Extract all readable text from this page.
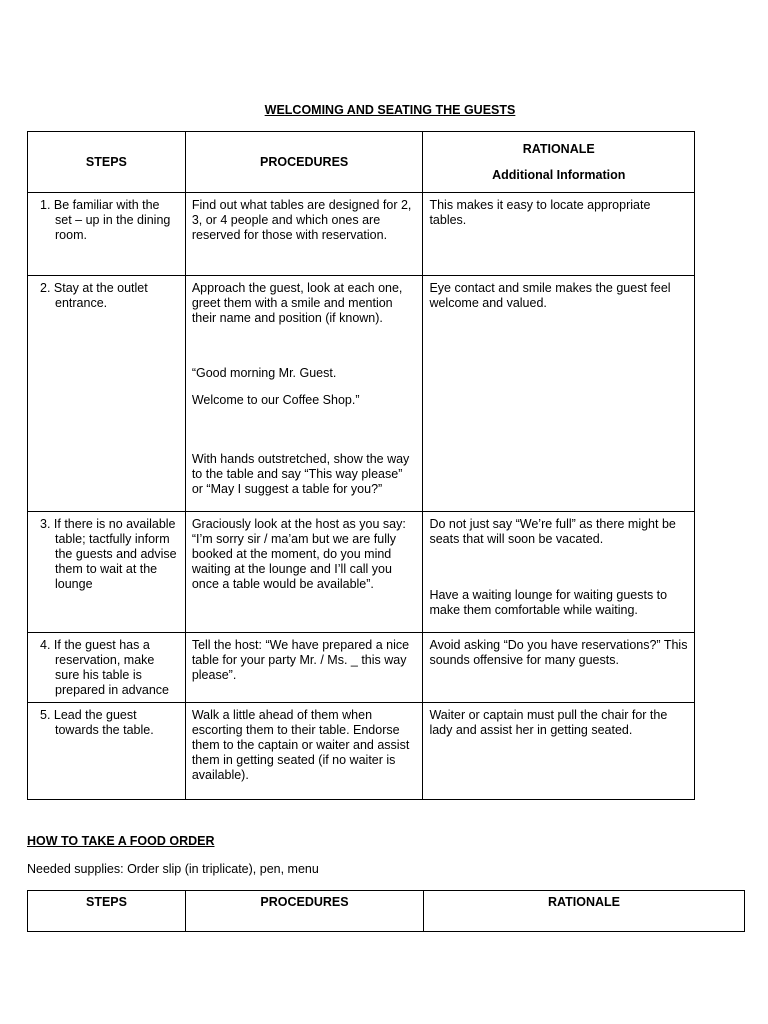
WELCOMING AND SEATING THE GUESTS
STEPS	PROCEDURES	RATIONALE
Additional Information

1. Be familiar with the set – up in the dining room.	Find out what tables are designed for 2, 3, or 4 people and which ones are reserved for those with reservation.	This makes it easy to locate appropriate tables.

2. Stay at the outlet entrance.	Approach the guest, look at each one, greet them with a smile and mention their name and position (if known).

“Good morning Mr. Guest.

Welcome to our Coffee Shop.”

With hands outstretched, show the way to the table and say “This way please” or “May I suggest a table for you?”	Eye contact and smile makes the guest feel welcome and valued.

3. If there is no available table; tactfully inform the guests and advise them to wait at the lounge	Graciously look at the host as you say: “I’m sorry sir / ma’am but we are fully booked at the moment, do you mind waiting at the lounge and I’ll call you once a table would be available”.	Do not just say “We’re full” as there might be seats that will soon be vacated.

Have a waiting lounge for waiting guests to make them comfortable while waiting.

4. If the guest has a reservation, make sure his table is prepared in advance	Tell the host: “We have prepared a nice table for your party Mr. / Ms. _ this way please”.	Avoid asking “Do you have reservations?” This sounds offensive for many guests.

5. Lead the guest towards the table.	Walk a little ahead of them when escorting them to their table. Endorse them to the captain or waiter and assist them in getting seated (if no waiter is available).	Waiter or captain must pull the chair for the lady and assist her in getting seated.

HOW TO TAKE A FOOD ORDER
Needed supplies: Order slip (in triplicate), pen, menu
STEPS	PROCEDURES	RATIONALE
